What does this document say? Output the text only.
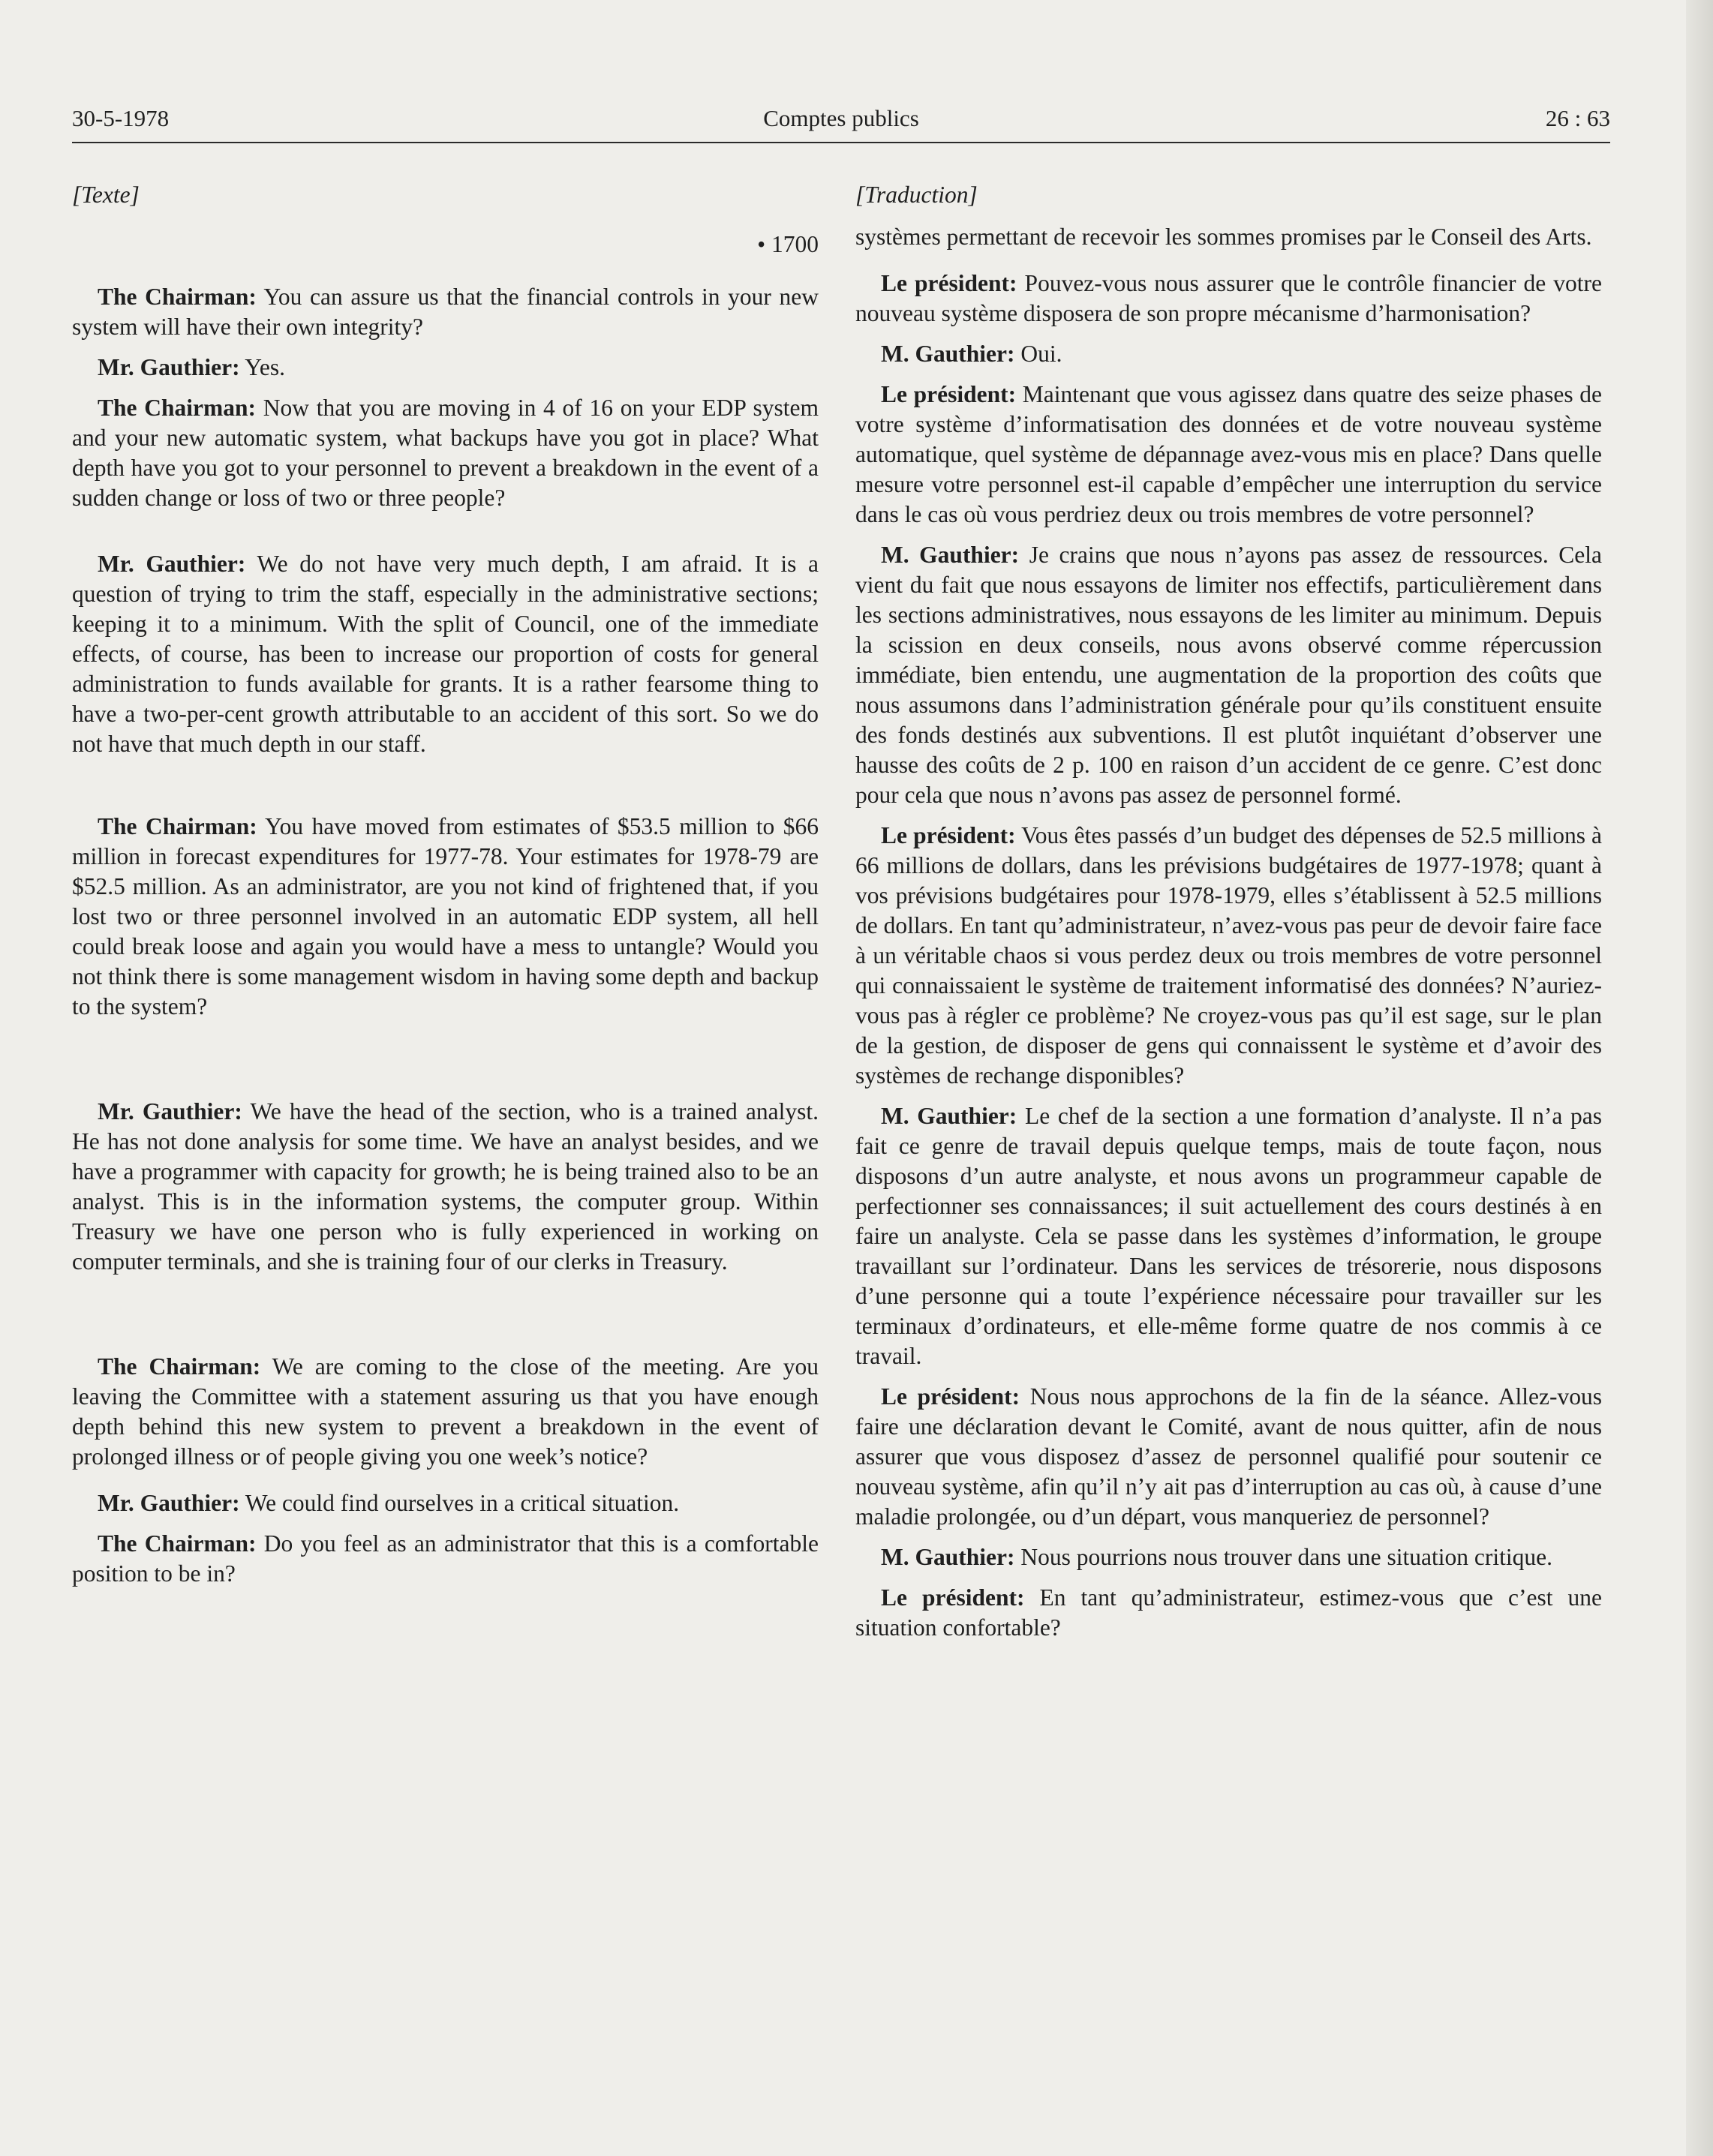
30-5-1978	Comptes publics	26 : 63
[Texte]
• 1700

The Chairman: You can assure us that the financial controls in your new system will have their own integrity?

Mr. Gauthier: Yes.

The Chairman: Now that you are moving in 4 of 16 on your EDP system and your new automatic system, what backups have you got in place? What depth have you got to your personnel to prevent a breakdown in the event of a sudden change or loss of two or three people?

Mr. Gauthier: We do not have very much depth, I am afraid. It is a question of trying to trim the staff, especially in the administrative sections; keeping it to a minimum. With the split of Council, one of the immediate effects, of course, has been to increase our proportion of costs for general administration to funds available for grants. It is a rather fearsome thing to have a two-per-cent growth attributable to an accident of this sort. So we do not have that much depth in our staff.

The Chairman: You have moved from estimates of $53.5 million to $66 million in forecast expenditures for 1977-78. Your estimates for 1978-79 are $52.5 million. As an administrator, are you not kind of frightened that, if you lost two or three personnel involved in an automatic EDP system, all hell could break loose and again you would have a mess to untangle? Would you not think there is some management wisdom in having some depth and backup to the system?

Mr. Gauthier: We have the head of the section, who is a trained analyst. He has not done analysis for some time. We have an analyst besides, and we have a programmer with capacity for growth; he is being trained also to be an analyst. This is in the information systems, the computer group. Within Treasury we have one person who is fully experienced in working on computer terminals, and she is training four of our clerks in Treasury.

The Chairman: We are coming to the close of the meeting. Are you leaving the Committee with a statement assuring us that you have enough depth behind this new system to prevent a breakdown in the event of prolonged illness or of people giving you one week’s notice?

Mr. Gauthier: We could find ourselves in a critical situation.

The Chairman: Do you feel as an administrator that this is a comfortable position to be in?

[Traduction]

systèmes permettant de recevoir les sommes promises par le Conseil des Arts.

Le président: Pouvez-vous nous assurer que le contrôle financier de votre nouveau système disposera de son propre mécanisme d’harmonisation?

M. Gauthier: Oui.

Le président: Maintenant que vous agissez dans quatre des seize phases de votre système d’informatisation des données et de votre nouveau système automatique, quel système de dépannage avez-vous mis en place? Dans quelle mesure votre personnel est-il capable d’empêcher une interruption du service dans le cas où vous perdriez deux ou trois membres de votre personnel?

M. Gauthier: Je crains que nous n’ayons pas assez de ressources. Cela vient du fait que nous essayons de limiter nos effectifs, particulièrement dans les sections administratives, nous essayons de les limiter au minimum. Depuis la scission en deux conseils, nous avons observé comme répercussion immédiate, bien entendu, une augmentation de la proportion des coûts que nous assumons dans l’administration générale pour qu’ils constituent ensuite des fonds destinés aux subventions. Il est plutôt inquiétant d’observer une hausse des coûts de 2 p. 100 en raison d’un accident de ce genre. C’est donc pour cela que nous n’avons pas assez de personnel formé.

Le président: Vous êtes passés d’un budget des dépenses de 52.5 millions à 66 millions de dollars, dans les prévisions budgétaires de 1977-1978; quant à vos prévisions budgétaires pour 1978-1979, elles s’établissent à 52.5 millions de dollars. En tant qu’administrateur, n’avez-vous pas peur de devoir faire face à un véritable chaos si vous perdez deux ou trois membres de votre personnel qui connaissaient le système de traitement informatisé des données? N’auriez-vous pas à régler ce problème? Ne croyez-vous pas qu’il est sage, sur le plan de la gestion, de disposer de gens qui connaissent le système et d’avoir des systèmes de rechange disponibles?

M. Gauthier: Le chef de la section a une formation d’analyste. Il n’a pas fait ce genre de travail depuis quelque temps, mais de toute façon, nous disposons d’un autre analyste, et nous avons un programmeur capable de perfectionner ses connaissances; il suit actuellement des cours destinés à en faire un analyste. Cela se passe dans les systèmes d’information, le groupe travaillant sur l’ordinateur. Dans les services de trésorerie, nous disposons d’une personne qui a toute l’expérience nécessaire pour travailler sur les terminaux d’ordinateurs, et elle-même forme quatre de nos commis à ce travail.

Le président: Nous nous approchons de la fin de la séance. Allez-vous faire une déclaration devant le Comité, avant de nous quitter, afin de nous assurer que vous disposez d’assez de personnel qualifié pour soutenir ce nouveau système, afin qu’il n’y ait pas d’interruption au cas où, à cause d’une maladie prolongée, ou d’un départ, vous manqueriez de personnel?

M. Gauthier: Nous pourrions nous trouver dans une situation critique.

Le président: En tant qu’administrateur, estimez-vous que c’est une situation confortable?
